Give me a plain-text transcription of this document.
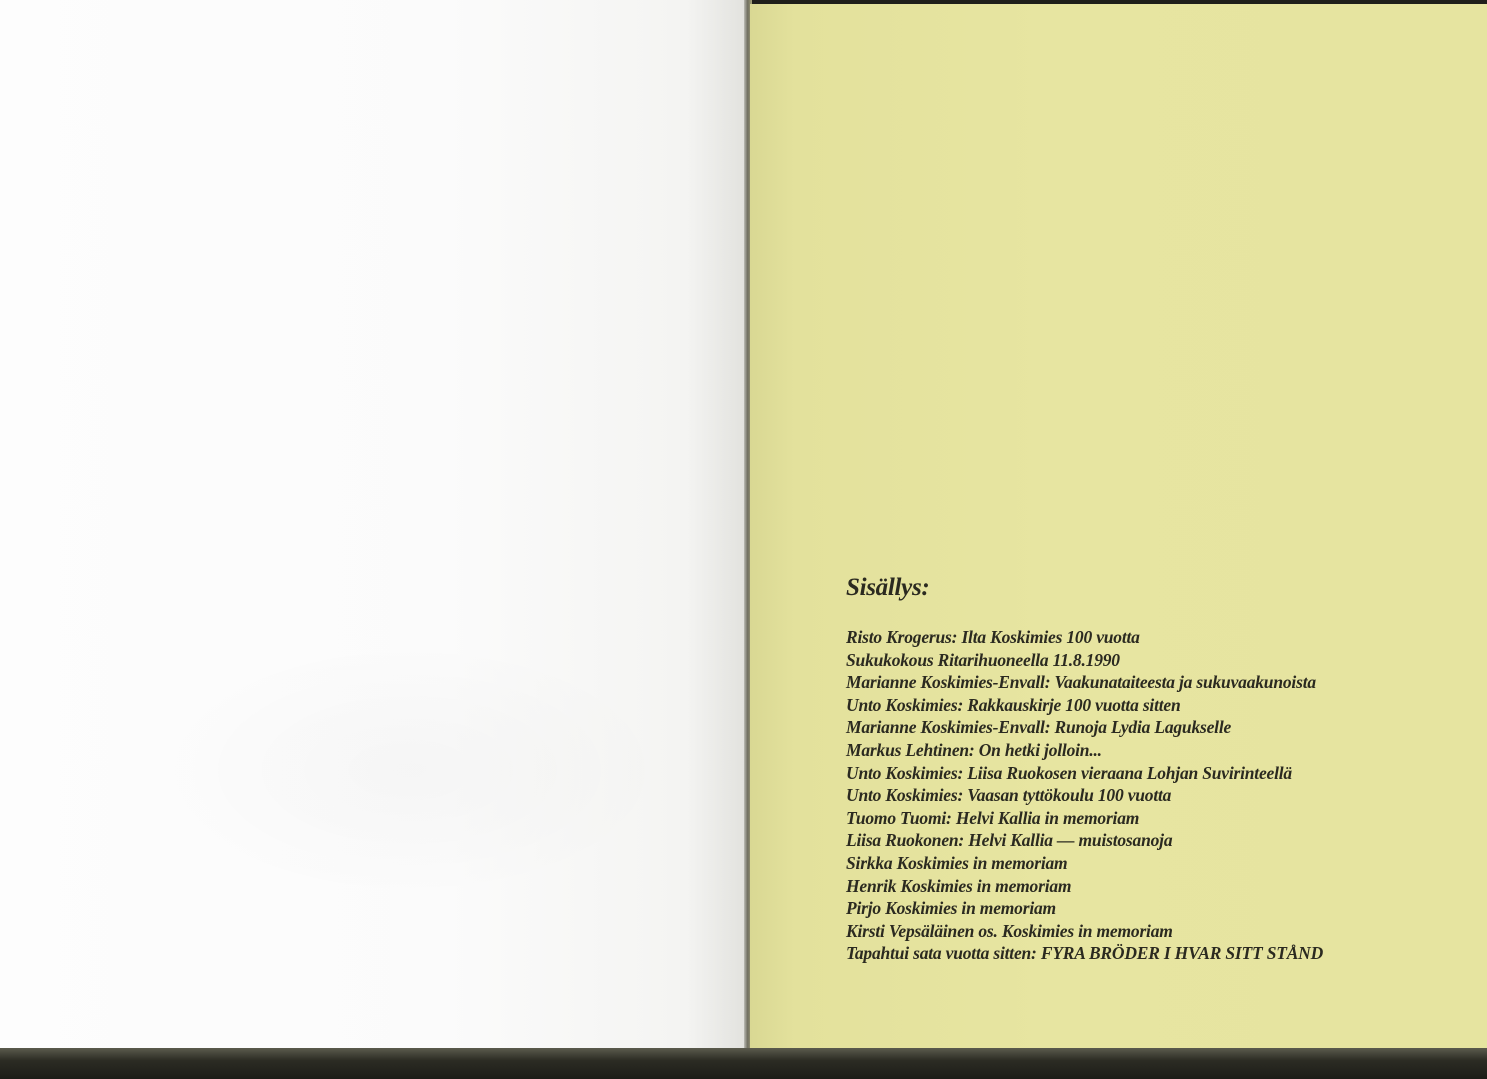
Sisällys:
Risto Krogerus: Ilta Koskimies 100 vuotta
Sukukokous Ritarihuoneella 11.8.1990
Marianne Koskimies-Envall: Vaakunataiteesta ja sukuvaakunoista
Unto Koskimies: Rakkauskirje 100 vuotta sitten
Marianne Koskimies-Envall: Runoja Lydia Lagukselle
Markus Lehtinen: On hetki jolloin...
Unto Koskimies: Liisa Ruokosen vieraana Lohjan Suvirinteellä
Unto Koskimies: Vaasan tyttökoulu 100 vuotta
Tuomo Tuomi: Helvi Kallia in memoriam
Liisa Ruokonen: Helvi Kallia — muistosanoja
Sirkka Koskimies in memoriam
Henrik Koskimies in memoriam
Pirjo Koskimies in memoriam
Kirsti Vepsäläinen os. Koskimies in memoriam
Tapahtui sata vuotta sitten: FYRA BRÖDER I HVAR SITT STÅND
